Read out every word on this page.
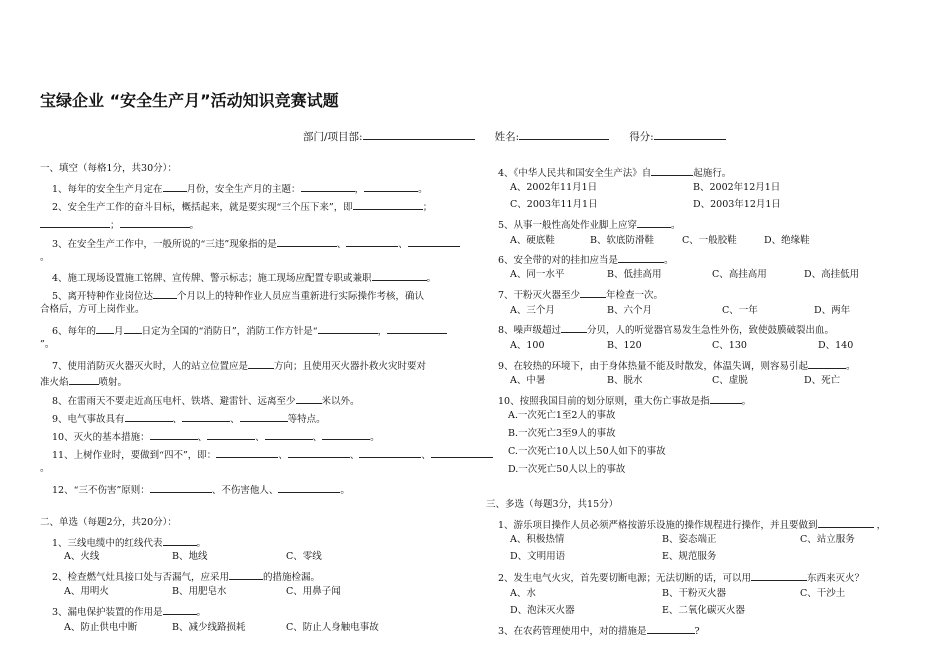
宝绿企业 “安全生产月”活动知识竞赛试题
部门/项目部:	姓名:	得分:
一、填空（每格1分，共30分）：
1、每年的安全生产月定在	月份，安全生产月的主题：	，	。
2、安全生产工作的奋斗目标，概括起来，就是要实现“三个压下来”，即	；
；	。
3、在安全生产工作中，一般所说的“三违”现象指的是	、	、
。
4、施工现场设置施工铭牌、宣传牌、警示标志；施工现场应配置专职或兼职	。
5、离开特种作业岗位达	个月以上的特种作业人员应当重新进行实际操作考核，确认
合格后，方可上岗作业。
6、每年的 月 日定为全国的“消防日”，消防工作方针是“	，
”。
7、使用消防灭火器灭火时，人的站立位置应是	方向；且使用灭火器扑救火灾时要对
准火焰	喷射。
8、在雷雨天不要走近高压电杆、铁塔、避雷针、远离至少	米以外。
9、电气事故具有	、	、	等特点。
10、灭火的基本措施：	、	、	、	。
11、上树作业时，要做到“四不”，即：	、	、	、
。
12、“三不伤害”原则：	、不伤害他人、	。
二、单选（每题2分，共20分）：
1、三线电缆中的红线代表	。
A、火线	B、地线	C、零线
2、检查燃气灶具接口处与否漏气，应采用	的措施检漏。
A、用明火	B、用肥皂水	C、用鼻子闻
3、漏电保护装置的作用是	。
A、防止供电中断	B、减少线路损耗	C、防止人身触电事故
4、《中华人民共和国安全生产法》自	起施行。
A、2002年11月1日	B、2002年12月1日
C、2003年11月1日	D、2003年12月1日
5、从事一般性高处作业脚上应穿	。
A、硬底鞋	B、软底防滑鞋	C、一般胶鞋	D、绝缘鞋
6、安全带的对的挂扣应当是	。
A、同一水平	B、低挂高用	C、高挂高用	D、高挂低用
7、干粉灭火器至少	年检查一次。
A、三个月	B、六个月	C、一年	D、两年
8、噪声级超过	分贝，人的听觉器官易发生急性外伤，致使鼓膜破裂出血。
A、100	B、120	C、130	D、140
9、在较热的环境下，由于身体热量不能及时散发，体温失调，则容易引起	。
A、中暑	B、脱水	C、虚脱	D、死亡
10、按照我国目前的划分原则，重大伤亡事故是指	。
A.一次死亡1至2人的事故
B.一次死亡3至9人的事故
C.一次死亡10人以上50人如下的事故
D.一次死亡50人以上的事故
三、多选（每题3分，共15分）
1、游乐项目操作人员必须严格按游乐设施的操作规程进行操作，并且要做到	，
A、积极热情	B、姿态端正	C、站立服务
D、文明用语	E、规范服务
2、发生电气火灾，首先要切断电源；无法切断的话，可以用	东西来灭火？
A、水	B、干粉灭火器	C、干沙土
D、泡沫灭火器	E、二氧化碳灭火器
3、在农药管理使用中，对的措施是	?
